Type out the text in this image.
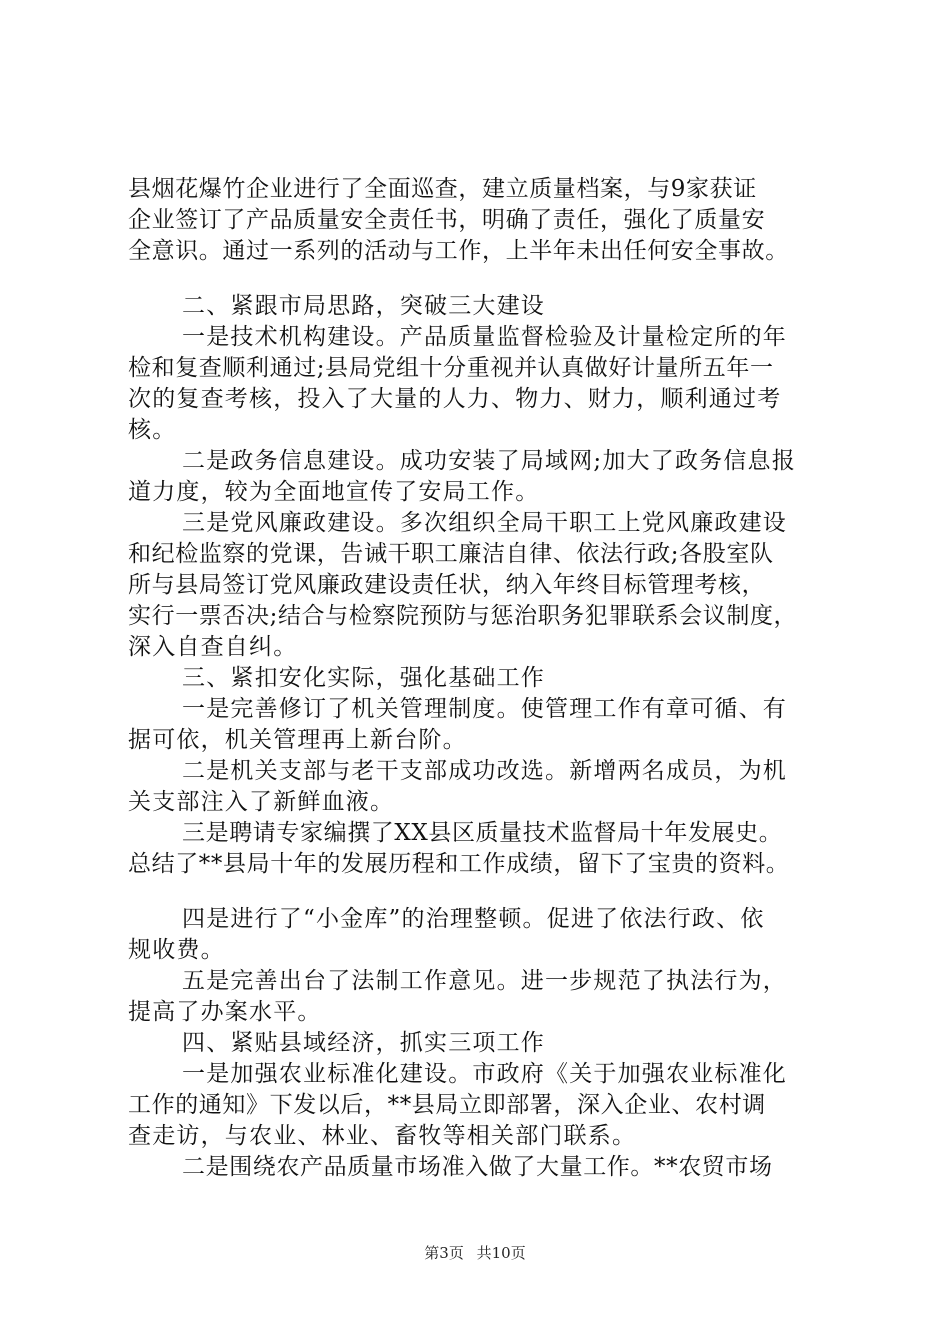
县烟花爆竹企业进行了全面巡查，建立质量档案，与9家获证
企业签订了产品质量安全责任书，明确了责任，强化了质量安
全意识。通过一系列的活动与工作，上半年未出任何安全事故。
二、紧跟市局思路，突破三大建设
一是技术机构建设。产品质量监督检验及计量检定所的年
检和复查顺利通过;县局党组十分重视并认真做好计量所五年一
次的复查考核，投入了大量的人力、物力、财力，顺利通过考
核。
二是政务信息建设。成功安装了局域网;加大了政务信息报
道力度，较为全面地宣传了安局工作。
三是党风廉政建设。多次组织全局干职工上党风廉政建设
和纪检监察的党课，告诫干职工廉洁自律、依法行政;各股室队
所与县局签订党风廉政建设责任状，纳入年终目标管理考核，
实行一票否决;结合与检察院预防与惩治职务犯罪联系会议制度，
深入自查自纠。
三、紧扣安化实际，强化基础工作
一是完善修订了机关管理制度。使管理工作有章可循、有
据可依，机关管理再上新台阶。
二是机关支部与老干支部成功改选。新增两名成员，为机
关支部注入了新鲜血液。
三是聘请专家编撰了XX县区质量技术监督局十年发展史。
总结了**县局十年的发展历程和工作成绩，留下了宝贵的资料。
四是进行了“小金库”的治理整顿。促进了依法行政、依
规收费。
五是完善出台了法制工作意见。进一步规范了执法行为，
提高了办案水平。
四、紧贴县域经济，抓实三项工作
一是加强农业标准化建设。市政府《关于加强农业标准化
工作的通知》下发以后，**县局立即部署，深入企业、农村调
查走访，与农业、林业、畜牧等相关部门联系。
二是围绕农产品质量市场准入做了大量工作。**农贸市场
第3页 共10页
